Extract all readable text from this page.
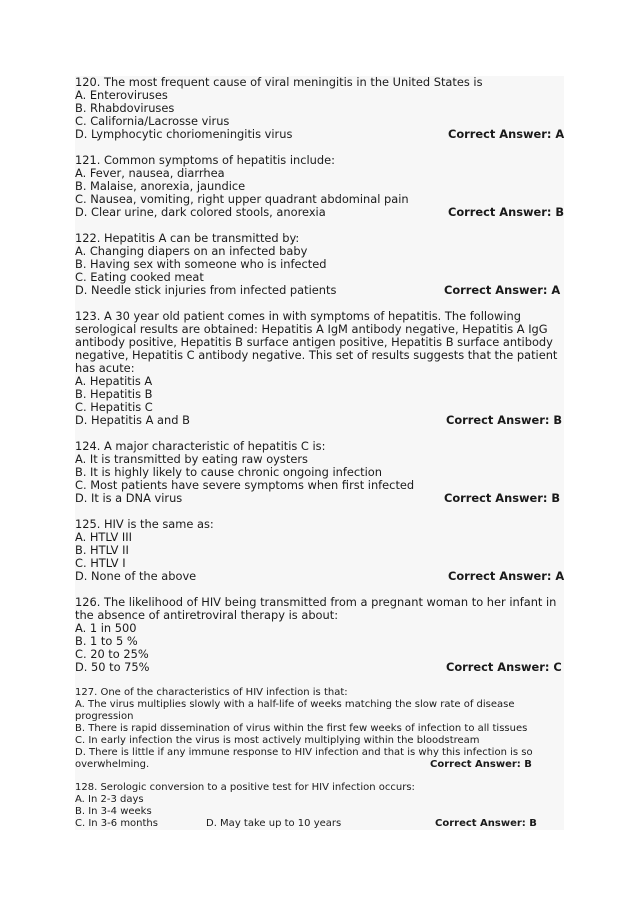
120. The most frequent cause of viral meningitis in the United States is
A. Enteroviruses
B. Rhabdoviruses
C. California/Lacrosse virus
D. Lymphocytic choriomeningitis virus	Correct Answer: A
121. Common symptoms of hepatitis include:
A. Fever, nausea, diarrhea
B. Malaise, anorexia, jaundice
C. Nausea, vomiting, right upper quadrant abdominal pain
D. Clear urine, dark colored stools, anorexia	Correct Answer: B
122. Hepatitis A can be transmitted by:
A. Changing diapers on an infected baby
B. Having sex with someone who is infected
C. Eating cooked meat
D. Needle stick injuries from infected patients	Correct Answer: A
123. A 30 year old patient comes in with symptoms of hepatitis. The following serological results are obtained: Hepatitis A IgM antibody negative, Hepatitis A IgG antibody positive, Hepatitis B surface antigen positive, Hepatitis B surface antibody negative, Hepatitis C antibody negative. This set of results suggests that the patient has acute:
A. Hepatitis A
B. Hepatitis B
C. Hepatitis C
D. Hepatitis A and B	Correct Answer: B
124. A major characteristic of hepatitis C is:
A. It is transmitted by eating raw oysters
B. It is highly likely to cause chronic ongoing infection
C. Most patients have severe symptoms when first infected
D. It is a DNA virus	Correct Answer: B
125. HIV is the same as:
A. HTLV III
B. HTLV II
C. HTLV I
D. None of the above	Correct Answer: A
126. The likelihood of HIV being transmitted from a pregnant woman to her infant in the absence of antiretroviral therapy is about:
A. 1 in 500
B. 1 to 5 %
C. 20 to 25%
D. 50 to 75%	Correct Answer: C
127. One of the characteristics of HIV infection is that:
A. The virus multiplies slowly with a half-life of weeks matching the slow rate of disease progression
B. There is rapid dissemination of virus within the first few weeks of infection to all tissues
C. In early infection the virus is most actively multiplying within the bloodstream
D. There is little if any immune response to HIV infection and that is why this infection is so overwhelming.	Correct Answer: B
128. Serologic conversion to a positive test for HIV infection occurs:
A. In 2-3 days
B. In 3-4 weeks
C. In 3-6 months	D. May take up to 10 years	Correct Answer: B
